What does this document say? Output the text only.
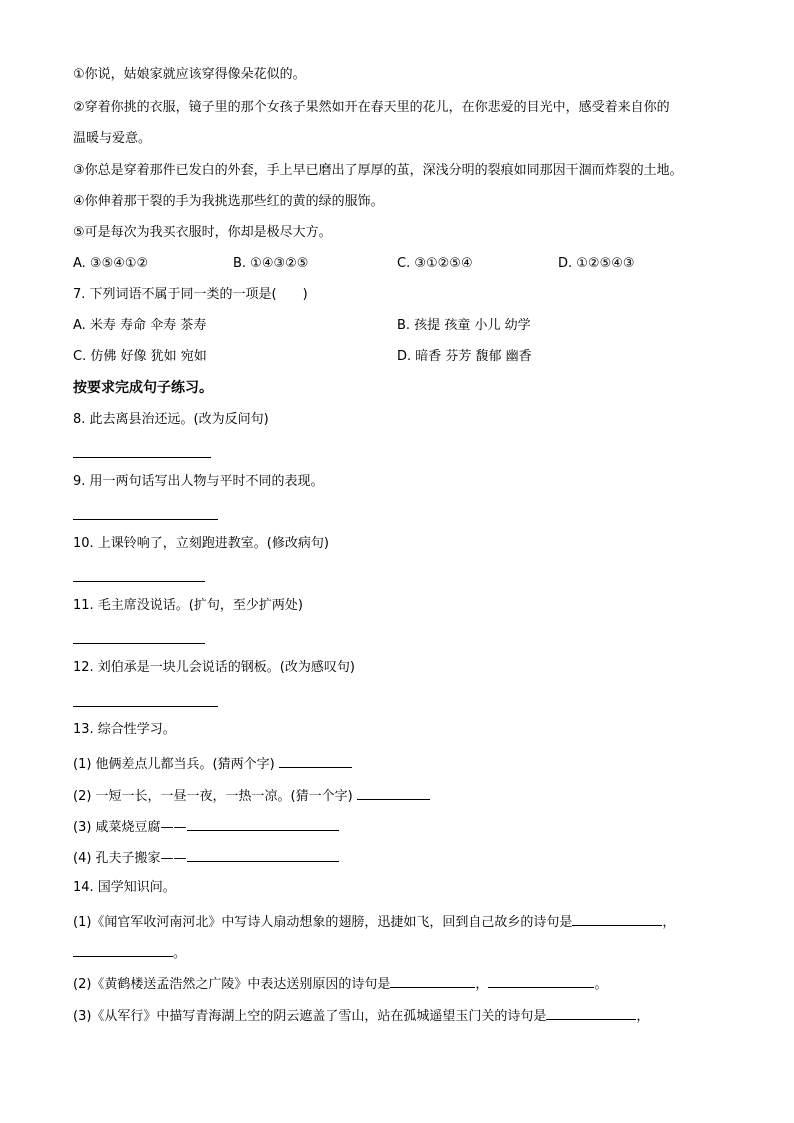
①你说，姑娘家就应该穿得像朵花似的。
②穿着你挑的衣服，镜子里的那个女孩子果然如开在春天里的花儿，在你悲爱的目光中，感受着来自你的
温暖与爱意。
③你总是穿着那件已发白的外套，手上早已磨出了厚厚的茧，深浅分明的裂痕如同那因干涸而炸裂的土地。
④你伸着那干裂的手为我挑选那些红的黄的绿的服饰。
⑤可是每次为我买衣服时，你却是极尽大方。
A. ③⑤④①②	B. ①④③②⑤	C. ③①②⑤④	D. ①②⑤④③
7. 下列词语不属于同一类的一项是(　　)
A. 米寿 寿命 伞寿 茶寿	B. 孩提 孩童 小儿 幼学
C. 仿佛 好像 犹如 宛如	D. 暗香 芬芳 馥郁 幽香
按要求完成句子练习。
8. 此去离县治还远。(改为反问句)
9. 用一两句话写出人物与平时不同的表现。
10. 上课铃响了，立刻跑进教室。(修改病句)
11. 毛主席没说话。(扩句，至少扩两处)
12. 刘伯承是一块儿会说话的钢板。(改为感叹句)
13. 综合性学习。
(1) 他俩差点儿都当兵。(猜两个字)
(2) 一短一长，一昼一夜，一热一凉。(猜一个字)
(3) 咸菜烧豆腐——
(4) 孔夫子搬家——
14. 国学知识问。
(1)《闻官军收河南河北》中写诗人扇动想象的翅膀，迅捷如飞，回到自己故乡的诗句是	，
。
(2)《黄鹤楼送孟浩然之广陵》中表达送别原因的诗句是	，	。
(3)《从军行》中描写青海湖上空的阴云遮盖了雪山，站在孤城遥望玉门关的诗句是	，
